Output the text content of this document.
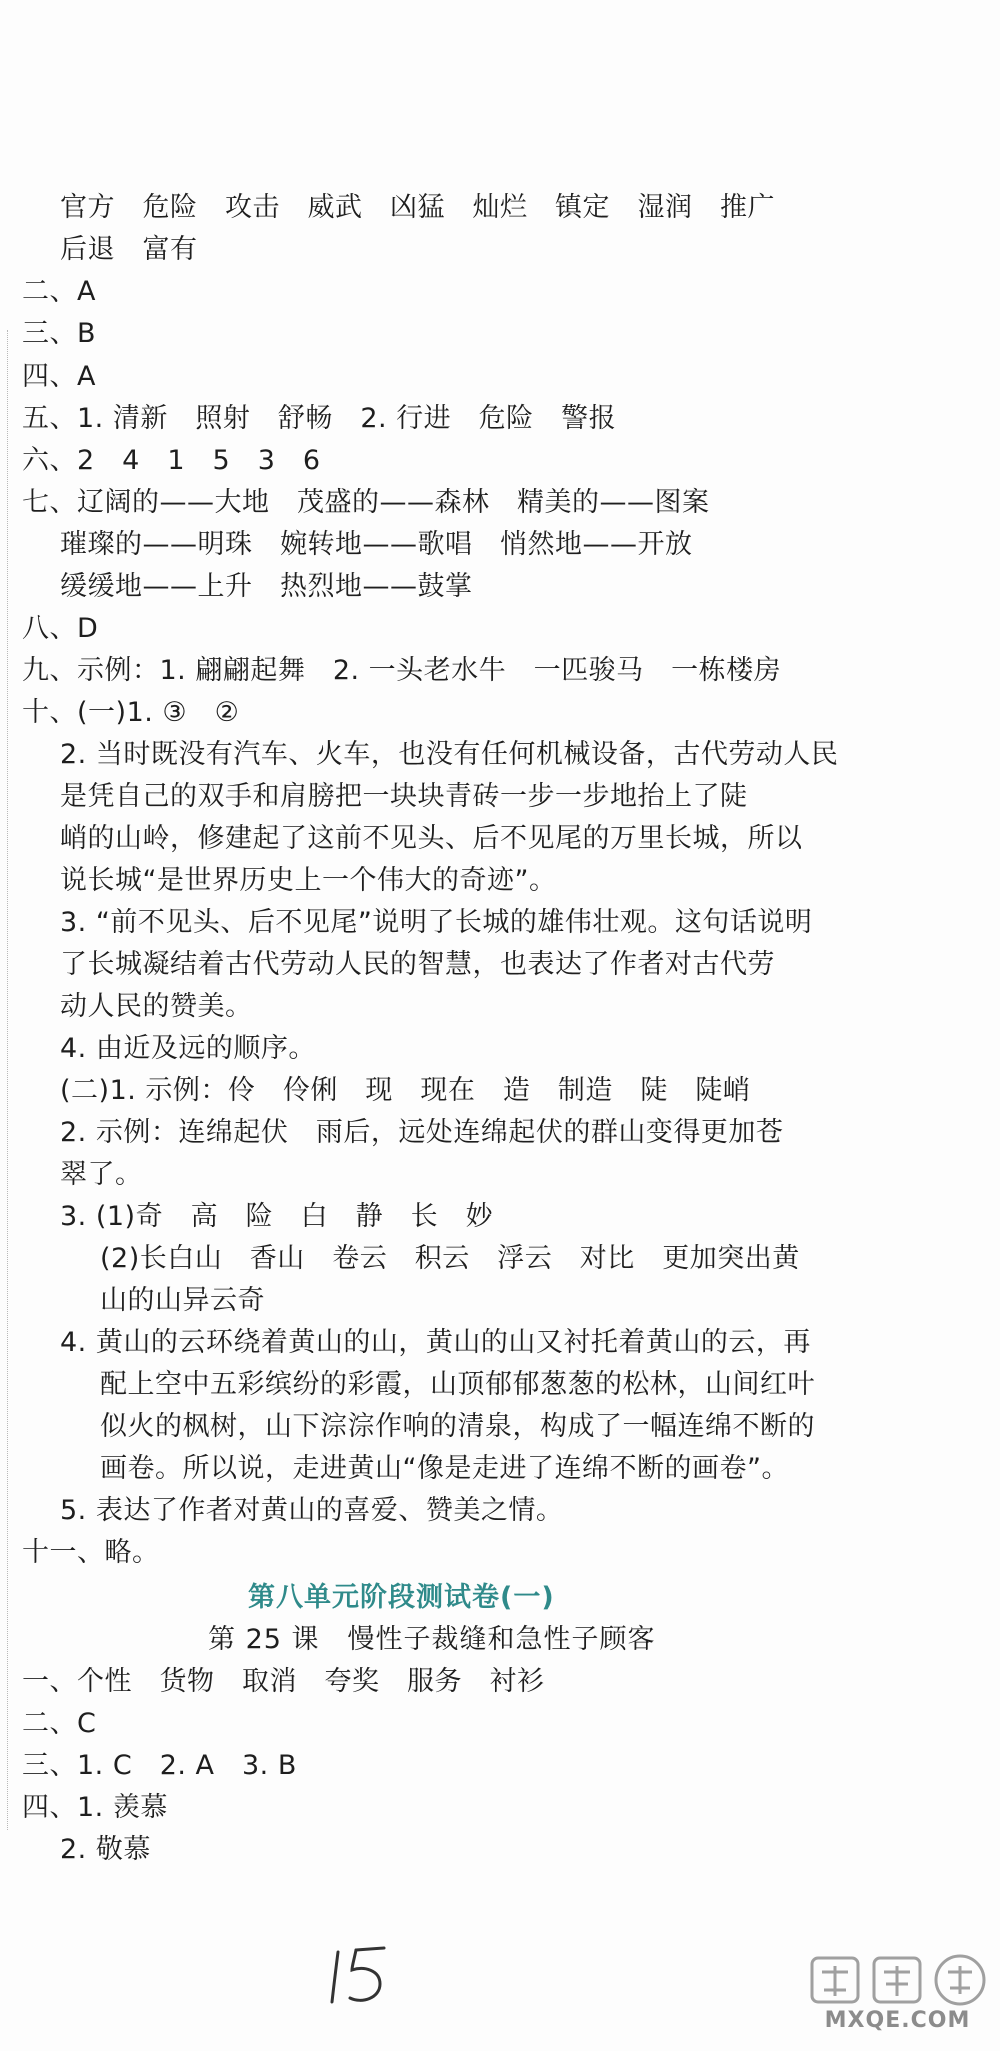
官方　危险　攻击　威武　凶猛　灿烂　镇定　湿润　推广
后退　富有
二、A
三、B
四、A
五、1. 清新　照射　舒畅　2. 行进　危险　警报
六、2　4　1　5　3　6
七、辽阔的——大地　茂盛的——森林　精美的——图案
璀璨的——明珠　婉转地——歌唱　悄然地——开放
缓缓地——上升　热烈地——鼓掌
八、D
九、示例：1. 翩翩起舞　2. 一头老水牛　一匹骏马　一栋楼房
十、(一)1. ③　②
2. 当时既没有汽车、火车，也没有任何机械设备，古代劳动人民
是凭自己的双手和肩膀把一块块青砖一步一步地抬上了陡
峭的山岭，修建起了这前不见头、后不见尾的万里长城，所以
说长城“是世界历史上一个伟大的奇迹”。
3. “前不见头、后不见尾”说明了长城的雄伟壮观。这句话说明
了长城凝结着古代劳动人民的智慧，也表达了作者对古代劳
动人民的赞美。
4. 由近及远的顺序。
(二)1. 示例：伶　伶俐　现　现在　造　制造　陡　陡峭
2. 示例：连绵起伏　雨后，远处连绵起伏的群山变得更加苍
翠了。
3. (1)奇　高　险　白　静　长　妙
(2)长白山　香山　卷云　积云　浮云　对比　更加突出黄
山的山异云奇
4. 黄山的云环绕着黄山的山，黄山的山又衬托着黄山的云，再
配上空中五彩缤纷的彩霞，山顶郁郁葱葱的松林，山间红叶
似火的枫树，山下淙淙作响的清泉，构成了一幅连绵不断的
画卷。所以说，走进黄山“像是走进了连绵不断的画卷”。
5. 表达了作者对黄山的喜爱、赞美之情。
十一、略。
第八单元阶段测试卷(一)
第 25 课　慢性子裁缝和急性子顾客
一、个性　货物　取消　夸奖　服务　衬衫
二、C
三、1. C　2. A　3. B
四、1. 羡慕
2. 敬慕
MXQE.COM
